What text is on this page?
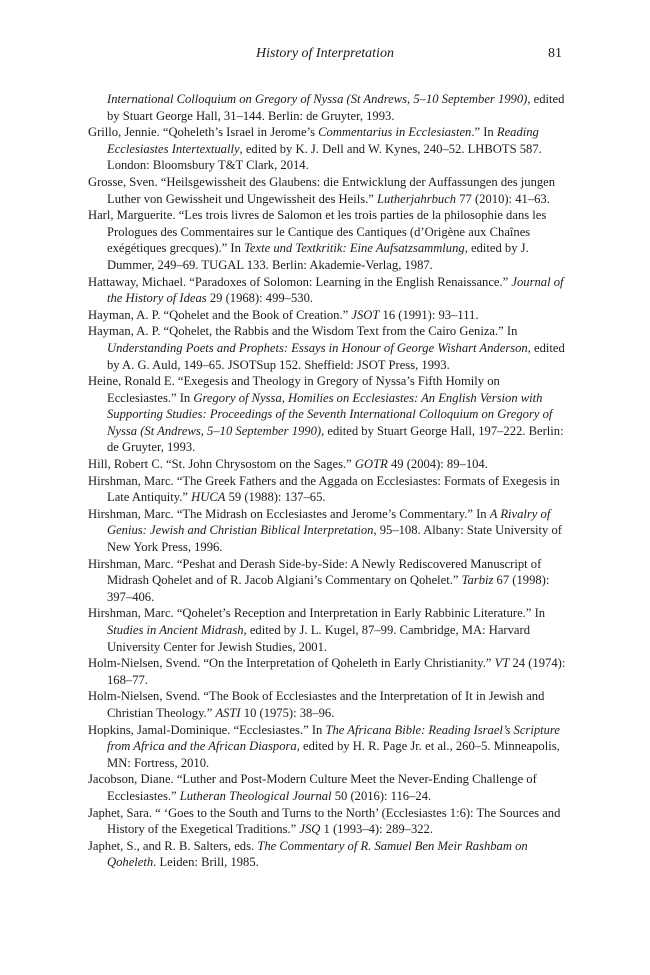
History of Interpretation	81

International Colloquium on Gregory of Nyssa (St Andrews, 5–10 September 1990), edited by Stuart George Hall, 31–144. Berlin: de Gruyter, 1993.

Grillo, Jennie. “Qoheleth’s Israel in Jerome’s Commentarius in Ecclesiasten.” In Reading Ecclesiastes Intertextually, edited by K. J. Dell and W. Kynes, 240–52. LHBOTS 587. London: Bloomsbury T&T Clark, 2014.

Grosse, Sven. “Heilsgewissheit des Glaubens: die Entwicklung der Auffassungen des jungen Luther von Gewissheit und Ungewissheit des Heils.” Lutherjahrbuch 77 (2010): 41–63.

Harl, Marguerite. “Les trois livres de Salomon et les trois parties de la philosophie dans les Prologues des Commentaires sur le Cantique des Cantiques (d’Origène aux Chaînes exégétiques grecques).” In Texte und Textkritik: Eine Aufsatzsammlung, edited by J. Dummer, 249–69. TUGAL 133. Berlin: Akademie-Verlag, 1987.

Hattaway, Michael. “Paradoxes of Solomon: Learning in the English Renaissance.” Journal of the History of Ideas 29 (1968): 499–530.

Hayman, A. P. “Qohelet and the Book of Creation.” JSOT 16 (1991): 93–111.

Hayman, A. P. “Qohelet, the Rabbis and the Wisdom Text from the Cairo Geniza.” In Understanding Poets and Prophets: Essays in Honour of George Wishart Anderson, edited by A. G. Auld, 149–65. JSOTSup 152. Sheffield: JSOT Press, 1993.

Heine, Ronald E. “Exegesis and Theology in Gregory of Nyssa’s Fifth Homily on Ecclesiastes.” In Gregory of Nyssa, Homilies on Ecclesiastes: An English Version with Supporting Studies: Proceedings of the Seventh International Colloquium on Gregory of Nyssa (St Andrews, 5–10 September 1990), edited by Stuart George Hall, 197–222. Berlin: de Gruyter, 1993.

Hill, Robert C. “St. John Chrysostom on the Sages.” GOTR 49 (2004): 89–104.

Hirshman, Marc. “The Greek Fathers and the Aggada on Ecclesiastes: Formats of Exegesis in Late Antiquity.” HUCA 59 (1988): 137–65.

Hirshman, Marc. “The Midrash on Ecclesiastes and Jerome’s Commentary.” In A Rivalry of Genius: Jewish and Christian Biblical Interpretation, 95–108. Albany: State University of New York Press, 1996.

Hirshman, Marc. “Peshat and Derash Side-by-Side: A Newly Rediscovered Manuscript of Midrash Qohelet and of R. Jacob Algiani’s Commentary on Qohelet.” Tarbiz 67 (1998): 397–406.

Hirshman, Marc. “Qohelet’s Reception and Interpretation in Early Rabbinic Literature.” In Studies in Ancient Midrash, edited by J. L. Kugel, 87–99. Cambridge, MA: Harvard University Center for Jewish Studies, 2001.

Holm-Nielsen, Svend. “On the Interpretation of Qoheleth in Early Christianity.” VT 24 (1974): 168–77.

Holm-Nielsen, Svend. “The Book of Ecclesiastes and the Interpretation of It in Jewish and Christian Theology.” ASTI 10 (1975): 38–96.

Hopkins, Jamal-Dominique. “Ecclesiastes.” In The Africana Bible: Reading Israel’s Scripture from Africa and the African Diaspora, edited by H. R. Page Jr. et al., 260–5. Minneapolis, MN: Fortress, 2010.

Jacobson, Diane. “Luther and Post-Modern Culture Meet the Never-Ending Challenge of Ecclesiastes.” Lutheran Theological Journal 50 (2016): 116–24.

Japhet, Sara. “ ‘Goes to the South and Turns to the North’ (Ecclesiastes 1:6): The Sources and History of the Exegetical Traditions.” JSQ 1 (1993–4): 289–322.

Japhet, S., and R. B. Salters, eds. The Commentary of R. Samuel Ben Meir Rashbam on Qoheleth. Leiden: Brill, 1985.
